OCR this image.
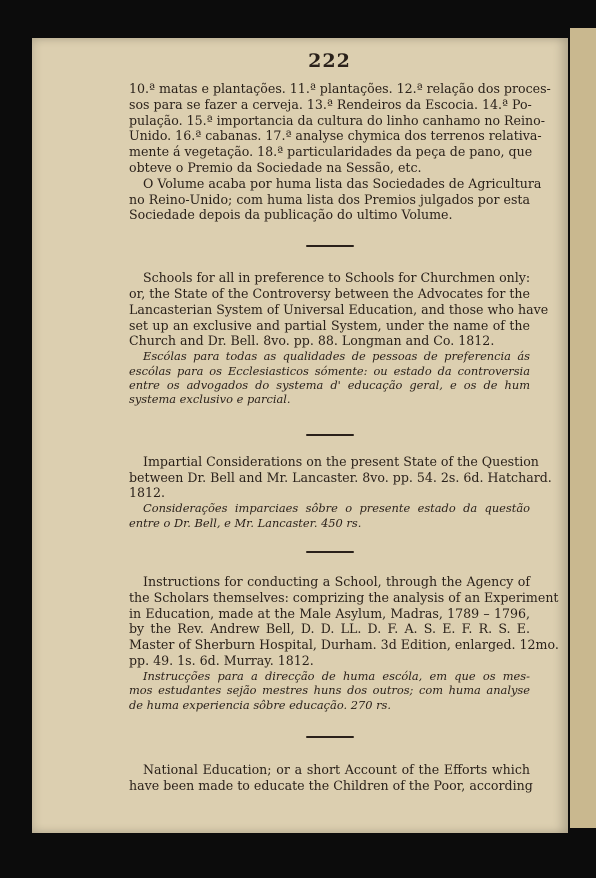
222

10.ª matas e plantações. 11.ª plantações. 12.ª relação dos proces-
sos para se fazer a cerveja. 13.ª Rendeiros da Escocia. 14.ª Po-
pulação. 15.ª importancia da cultura do linho canhamo no Reino-
Unido. 16.ª cabanas. 17.ª analyse chymica dos terrenos relativa-
mente á vegetação. 18.ª particularidades da peça de pano, que
obteve o Premio da Sociedade na Sessão, etc.

O Volume acaba por huma lista das Sociedades de Agricultura
no Reino-Unido; com huma lista dos Premios julgados por esta
Sociedade depois da publicação do ultimo Volume.

Schools for all in preference to Schools for Churchmen only:
or, the State of the Controversy between the Advocates for the
Lancasterian System of Universal Education, and those who have
set up an exclusive and partial System, under the name of the
Church and Dr. Bell. 8vo. pp. 88. Longman and Co. 1812.
Escólas para todas as qualidades de pessoas de preferencia ás
escólas para os Ecclesiasticos sómente: ou estado da controversia
entre os advogados do systema d' educação geral, e os de hum
systema exclusivo e parcial.
Impartial Considerations on the present State of the Question
between Dr. Bell and Mr. Lancaster. 8vo. pp. 54. 2s. 6d. Hatchard.
1812.
Considerações imparciaes sôbre o presente estado da questão
entre o Dr. Bell, e Mr. Lancaster. 450 rs.
Instructions for conducting a School, through the Agency of
the Scholars themselves: comprizing the analysis of an Experiment
in Education, made at the Male Asylum, Madras, 1789 – 1796,
by the Rev. Andrew Bell, D. D. LL. D. F. A. S. E. F. R. S. E.
Master of Sherburn Hospital, Durham. 3d Edition, enlarged. 12mo.
pp. 49. 1s. 6d. Murray. 1812.
Instrucções para a direcção de huma escóla, em que os mes-
mos estudantes sejão mestres huns dos outros; com huma analyse
de huma experiencia sôbre educação. 270 rs.
National Education; or a short Account of the Efforts which
have been made to educate the Children of the Poor, according
